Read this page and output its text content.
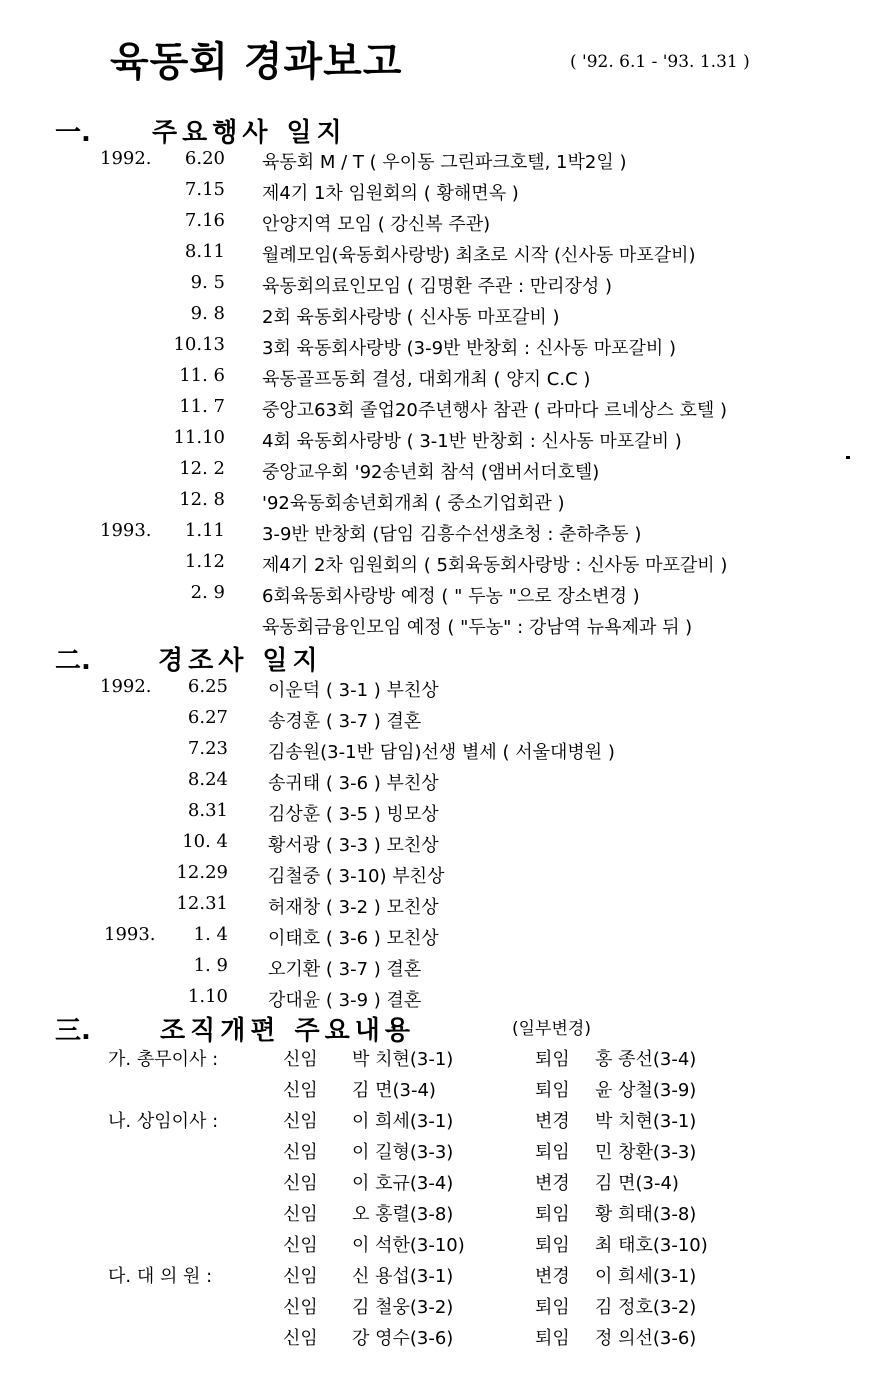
육동회 경과보고	( '92. 6.1 - '93. 1.31 )
一. 주요행사 일지
1992.	6.20 육동회 M / T ( 우이동 그린파크호텔, 1박2일 )
7.15 제4기 1차 임원회의 ( 황해면옥 )
7.16 안양지역 모임 ( 강신복 주관)
8.11 월례모임(육동회사랑방) 최초로 시작 (신사동 마포갈비)
9. 5 육동회의료인모임 ( 김명환 주관 : 만리장성 )
9. 8 2회 육동회사랑방 ( 신사동 마포갈비 )
10.13 3회 육동회사랑방 (3-9반 반창회 : 신사동 마포갈비 )
11. 6 육동골프동회 결성, 대회개최 ( 양지 C.C )
11. 7 중앙고63회 졸업20주년행사 참관 ( 라마다 르네상스 호텔 )
11.10 4회 육동회사랑방 ( 3-1반 반창회 : 신사동 마포갈비 )
12. 2 중앙교우회 '92송년회 참석 (앰버서더호텔)
12. 8 '92육동회송년회개최 ( 중소기업회관 )
1993.	1.11 3-9반 반창회 (담임 김흥수선생초청 : 춘하추동 )
1.12 제4기 2차 임원회의 ( 5회육동회사랑방 : 신사동 마포갈비 )
2. 9 6회육동회사랑방 예정 ( " 두농 "으로 장소변경 )
육동회금융인모임 예정 ( "두농" : 강남역 뉴욕제과 뒤 )
二.	경조사 일지
1992.	6.25 이운덕 ( 3-1 ) 부친상
6.27 송경훈 ( 3-7 ) 결혼
7.23 김송원(3-1반 담임)선생 별세 ( 서울대병원 )
8.24 송귀태 ( 3-6 ) 부친상
8.31 김상훈 ( 3-5 ) 빙모상
10. 4 황서광 ( 3-3 ) 모친상
12.29 김철중 ( 3-10) 부친상
12.31 허재창 ( 3-2 ) 모친상
1993.	1. 4 이태호 ( 3-6 ) 모친상
1. 9 오기환 ( 3-7 ) 결혼
1.10 강대윤 ( 3-9 ) 결혼
三.	조직개편 주요내용	(일부변경)
가. 총무이사 :	신임 박 치현(3-1)	퇴임 홍 종선(3-4)
신임 김 면(3-4)	퇴임 윤 상철(3-9)
나. 상임이사 :	신임 이 희세(3-1)	변경 박 치현(3-1)
신임 이 길형(3-3)	퇴임 민 창환(3-3)
신임 이 호규(3-4)	변경 김 면(3-4)
신임 오 홍렬(3-8)	퇴임 황 희태(3-8)
신임 이 석한(3-10)	퇴임 최 태호(3-10)
다. 대 의 원 :	신임 신 용섭(3-1)	변경 이 희세(3-1)
신임 김 철웅(3-2)	퇴임 김 정호(3-2)
신임 강 영수(3-6)	퇴임 정 의선(3-6)
